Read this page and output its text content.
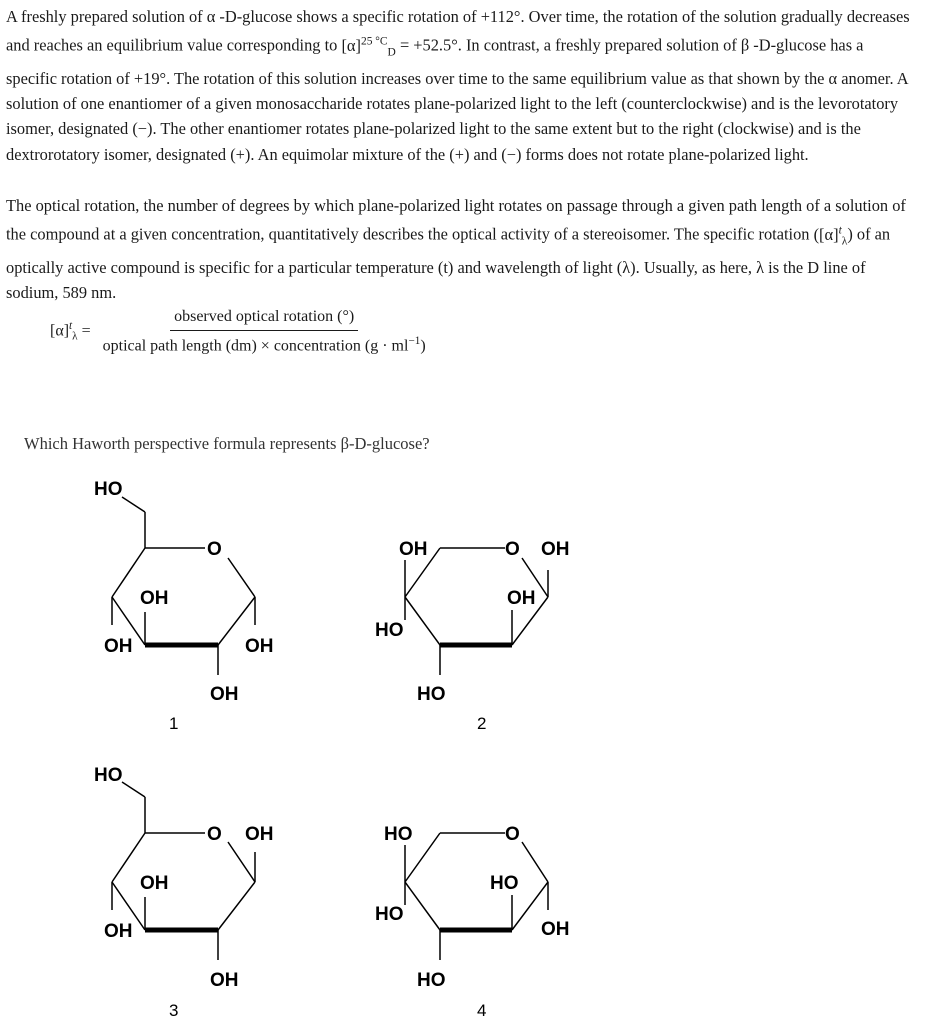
A freshly prepared solution of α -D-glucose shows a specific rotation of +112°. Over time, the rotation of the solution gradually decreases and reaches an equilibrium value corresponding to $[\alpha]^{25 ^\circ C}_D = +52.5^\circ$. In contrast, a freshly prepared solution of β -D-glucose has a specific rotation of +19°. The rotation of this solution increases over time to the same equilibrium value as that shown by the α anomer. A solution of one enantiomer of a given monosaccharide rotates plane-polarized light to the left (counterclockwise) and is the levorotatory isomer, designated (−). The other enantiomer rotates plane-polarized light to the same extent but to the right (clockwise) and is the dextrorotatory isomer, designated (+). An equimolar mixture of the (+) and (−) forms does not rotate plane-polarized light.

The optical rotation, the number of degrees by which plane-polarized light rotates on passage through a given path length of a solution of the compound at a given concentration, quantitatively describes the optical activity of a stereoisomer. The specific rotation $([\alpha]^t_\lambda)$ of an optically active compound is specific for a particular temperature (t) and wavelength of light (λ). Usually, as here, λ is the D line of sodium, 589 nm.

$[\alpha]^t_\lambda = \frac{\text{observed optical rotation (°)}}{optical path length (dm) \times concentration (g \cdot ml^{-1})}$
Which Haworth perspective formula represents β-D-glucose?
HO
O
OH
OH	OH
OH
1
OH	O OH
OH
HO
HO
2
HO
O OH
OH
OH
OH
3
HO	O
HO
HO
OH
HO
4
